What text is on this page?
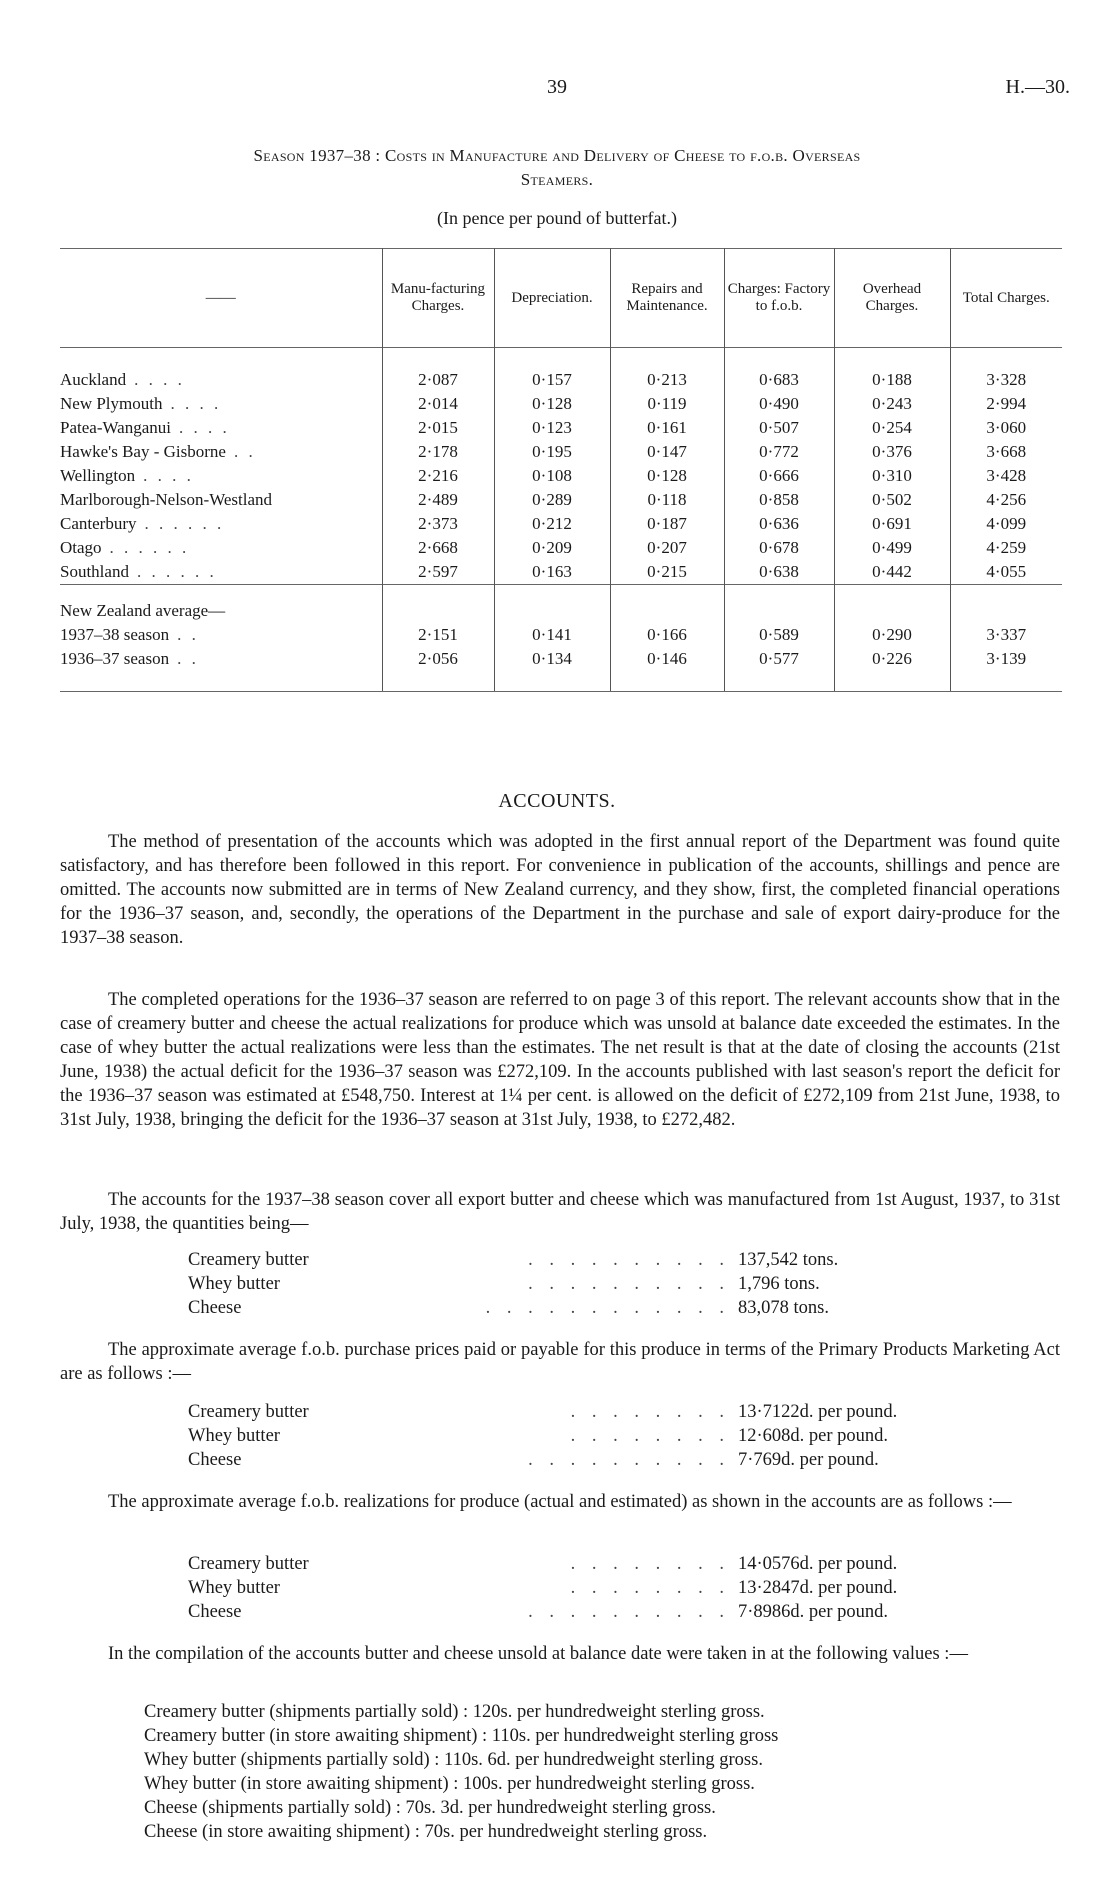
39	H.—30.
Season 1937–38 : Costs in Manufacture and Delivery of Cheese to f.o.b. Overseas
Steamers.
(In pence per pound of butterfat.)
——	Manu-facturing Charges.	Depreciation.	Repairs and Maintenance.	Charges: Factory to f.o.b.	Overhead Charges.	Total Charges.
Auckland . . . .	2·087	0·157	0·213	0·683	0·188	3·328
New Plymouth . . . .	2·014	0·128	0·119	0·490	0·243	2·994
Patea-Wanganui . . . .	2·015	0·123	0·161	0·507	0·254	3·060
Hawke's Bay - Gisborne . .	2·178	0·195	0·147	0·772	0·376	3·668
Wellington . . . .	2·216	0·108	0·128	0·666	0·310	3·428
Marlborough-Nelson-Westland	2·489	0·289	0·118	0·858	0·502	4·256
Canterbury . . . . . .	2·373	0·212	0·187	0·636	0·691	4·099
Otago . . . . . .	2·668	0·209	0·207	0·678	0·499	4·259
Southland . . . . . .	2·597	0·163	0·215	0·638	0·442	4·055
New Zealand average—						
1937–38 season . .	2·151	0·141	0·166	0·589	0·290	3·337
1936–37 season . .	2·056	0·134	0·146	0·577	0·226	3·139
ACCOUNTS.

The method of presentation of the accounts which was adopted in the first annual report of the Department was found quite satisfactory, and has therefore been followed in this report. For convenience in publication of the accounts, shillings and pence are omitted. The accounts now submitted are in terms of New Zealand currency, and they show, first, the completed financial operations for the 1936–37 season, and, secondly, the operations of the Department in the purchase and sale of export dairy-produce for the 1937–38 season.

The completed operations for the 1936–37 season are referred to on page 3 of this report. The relevant accounts show that in the case of creamery butter and cheese the actual realizations for produce which was unsold at balance date exceeded the estimates. In the case of whey butter the actual realizations were less than the estimates. The net result is that at the date of closing the accounts (21st June, 1938) the actual deficit for the 1936–37 season was £272,109. In the accounts published with last season's report the deficit for the 1936–37 season was estimated at £548,750. Interest at 1¼ per cent. is allowed on the deficit of £272,109 from 21st June, 1938, to 31st July, 1938, bringing the deficit for the 1936–37 season at 31st July, 1938, to £272,482.

The accounts for the 1937–38 season cover all export butter and cheese which was manufactured from 1st August, 1937, to 31st July, 1938, the quantities being—

Creamery butter	. . . . . . . . . . 137,542 tons.
Whey butter	. . . . . . . . . . 1,796 tons.
Cheese	. . . . . . . . . . . . 83,078 tons.

The approximate average f.o.b. purchase prices paid or payable for this produce in terms of the Primary Products Marketing Act are as follows :—

Creamery butter	. . . . . . . . 13·7122d. per pound.
Whey butter	. . . . . . . . 12·608d. per pound.
Cheese	. . . . . . . . . . 7·769d. per pound.

The approximate average f.o.b. realizations for produce (actual and estimated) as shown in the accounts are as follows :—

Creamery butter	. . . . . . . . 14·0576d. per pound.
Whey butter	. . . . . . . . 13·2847d. per pound.
Cheese	. . . . . . . . . . 7·8986d. per pound.

In the compilation of the accounts butter and cheese unsold at balance date were taken in at the following values :—

Creamery butter (shipments partially sold) : 120s. per hundredweight sterling gross.
Creamery butter (in store awaiting shipment) : 110s. per hundredweight sterling gross
Whey butter (shipments partially sold) : 110s. 6d. per hundredweight sterling gross.
Whey butter (in store awaiting shipment) : 100s. per hundredweight sterling gross.
Cheese (shipments partially sold) : 70s. 3d. per hundredweight sterling gross.
Cheese (in store awaiting shipment) : 70s. per hundredweight sterling gross.
